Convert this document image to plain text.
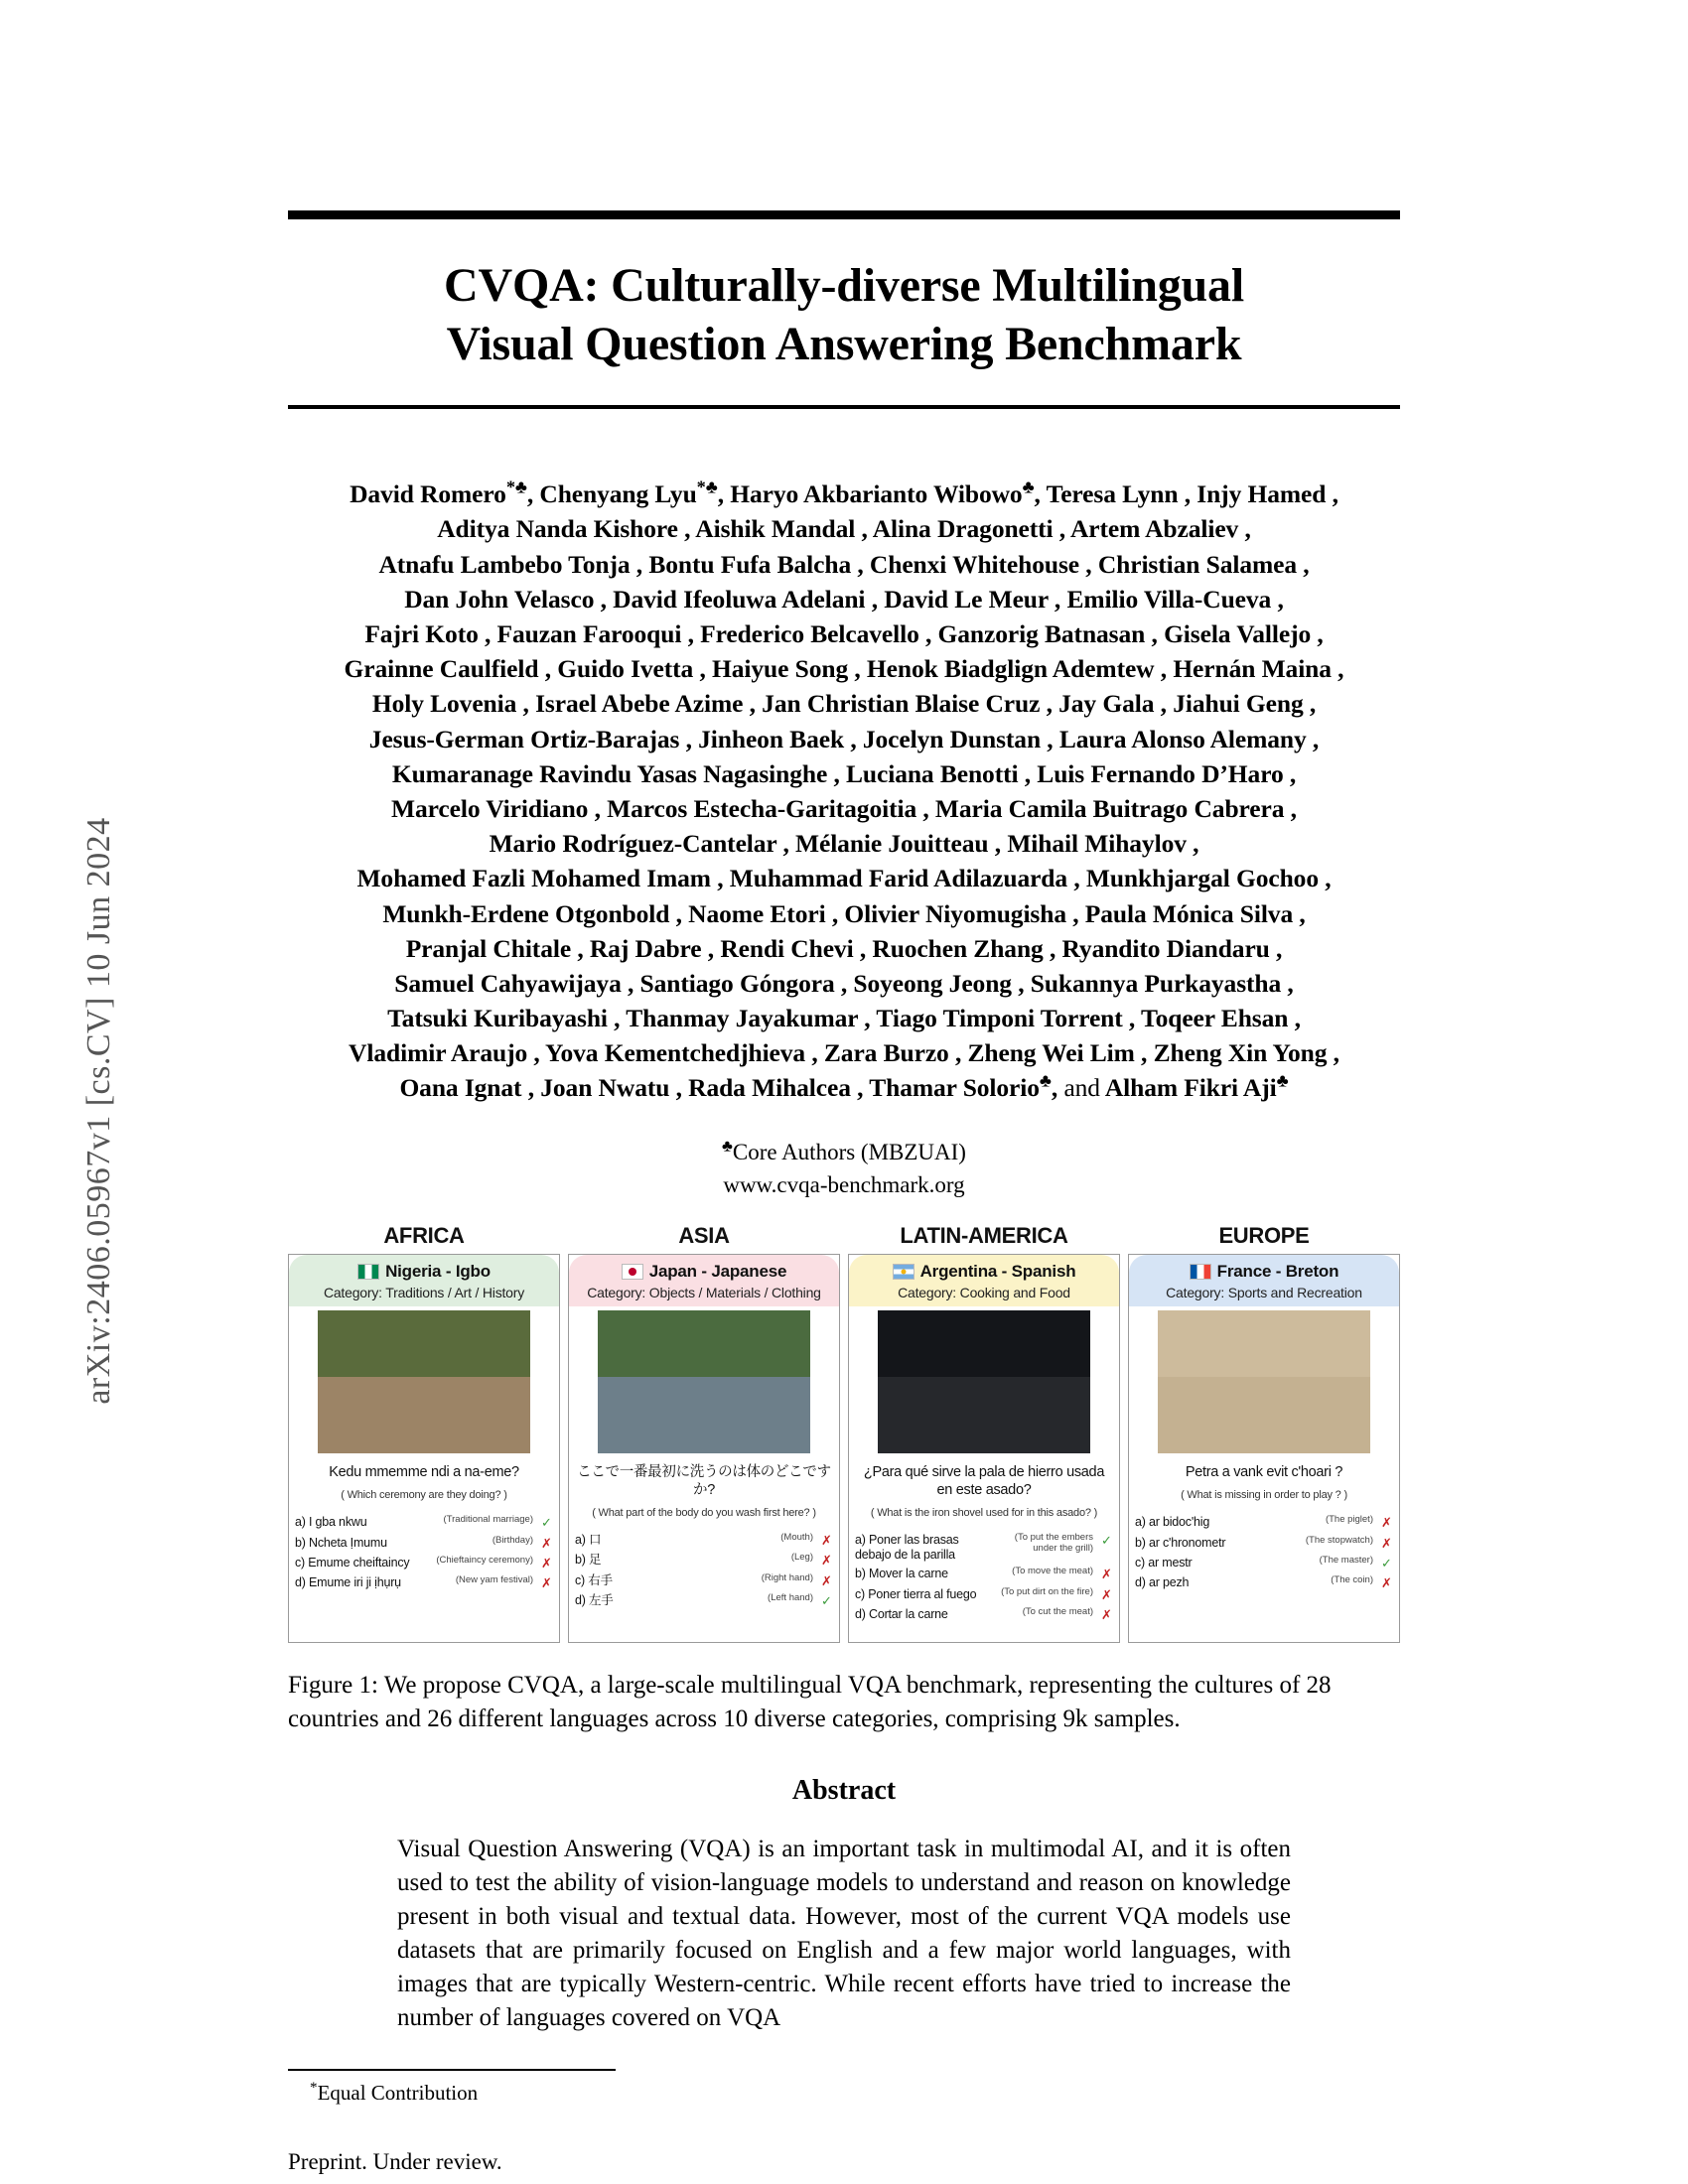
arXiv:2406.05967v1 [cs.CV] 10 Jun 2024
CVQA: Culturally-diverse Multilingual
Visual Question Answering Benchmark
David Romero*♣, Chenyang Lyu*♣, Haryo Akbarianto Wibowo♣, Teresa Lynn , Injy Hamed ,
Aditya Nanda Kishore , Aishik Mandal , Alina Dragonetti , Artem Abzaliev ,
Atnafu Lambebo Tonja , Bontu Fufa Balcha , Chenxi Whitehouse , Christian Salamea ,
Dan John Velasco , David Ifeoluwa Adelani , David Le Meur , Emilio Villa-Cueva ,
Fajri Koto , Fauzan Farooqui , Frederico Belcavello , Ganzorig Batnasan , Gisela Vallejo ,
Grainne Caulfield , Guido Ivetta , Haiyue Song , Henok Biadglign Ademtew , Hernán Maina ,
Holy Lovenia , Israel Abebe Azime , Jan Christian Blaise Cruz , Jay Gala , Jiahui Geng ,
Jesus-German Ortiz-Barajas , Jinheon Baek , Jocelyn Dunstan , Laura Alonso Alemany ,
Kumaranage Ravindu Yasas Nagasinghe , Luciana Benotti , Luis Fernando D’Haro ,
Marcelo Viridiano , Marcos Estecha-Garitagoitia , Maria Camila Buitrago Cabrera ,
Mario Rodríguez-Cantelar , Mélanie Jouitteau , Mihail Mihaylov ,
Mohamed Fazli Mohamed Imam , Muhammad Farid Adilazuarda , Munkhjargal Gochoo ,
Munkh-Erdene Otgonbold , Naome Etori , Olivier Niyomugisha , Paula Mónica Silva ,
Pranjal Chitale , Raj Dabre , Rendi Chevi , Ruochen Zhang , Ryandito Diandaru ,
Samuel Cahyawijaya , Santiago Góngora , Soyeong Jeong , Sukannya Purkayastha ,
Tatsuki Kuribayashi , Thanmay Jayakumar , Tiago Timponi Torrent , Toqeer Ehsan ,
Vladimir Araujo , Yova Kementchedjhieva , Zara Burzo , Zheng Wei Lim , Zheng Xin Yong ,
Oana Ignat , Joan Nwatu , Rada Mihalcea , Thamar Solorio♣, and Alham Fikri Aji♣
♣Core Authors (MBZUAI)
www.cvqa-benchmark.org
AFRICA
Nigeria - Igbo
Category: Traditions / Art / History
Kedu mmemme ndi a na-eme?
( Which ceremony are they doing? )
a) I gba nkwu	(Traditional marriage) ✓
b) Ncheta Ịmumu	(Birthday) ✗
c) Emume cheiftaincy	(Chieftaincy ceremony) ✗
d) Emume iri ji ịhụrụ	(New yam festival) ✗
ASIA
Japan - Japanese
Category: Objects / Materials / Clothing
ここで一番最初に洗うのは体のどこですか?
( What part of the body do you wash first here? )
a) 口	(Mouth) ✗
b) 足	(Leg) ✗
c) 右手	(Right hand) ✗
d) 左手	(Left hand) ✓
LATIN-AMERICA
Argentina - Spanish
Category: Cooking and Food
¿Para qué sirve la pala de hierro usada en este asado?
( What is the iron shovel used for in this asado? )
a) Poner las brasas debajo de la parilla
(To put the embers under the grill)
✓
b) Mover la carne	(To move the meat) ✗
c) Poner tierra al fuego	(To put dirt on the fire) ✗
d) Cortar la carne	(To cut the meat) ✗
EUROPE
France - Breton
Category: Sports and Recreation
Petra a vank evit c'hoari ?
( What is missing in order to play ? )
a) ar bidoc'hig	(The piglet) ✗
b) ar c'hronometr	(The stopwatch) ✗
c) ar mestr	(The master) ✓
d) ar pezh	(The coin) ✗
Figure 1: We propose CVQA, a large-scale multilingual VQA benchmark, representing the cultures of 28 countries and 26 different languages across 10 diverse categories, comprising 9k samples.
Abstract
Visual Question Answering (VQA) is an important task in multimodal AI, and it is often used to test the ability of vision-language models to understand and reason on knowledge present in both visual and textual data. However, most of the current VQA models use datasets that are primarily focused on English and a few major world languages, with images that are typically Western-centric. While recent efforts have tried to increase the number of languages covered on VQA
*Equal Contribution
Preprint. Under review.
